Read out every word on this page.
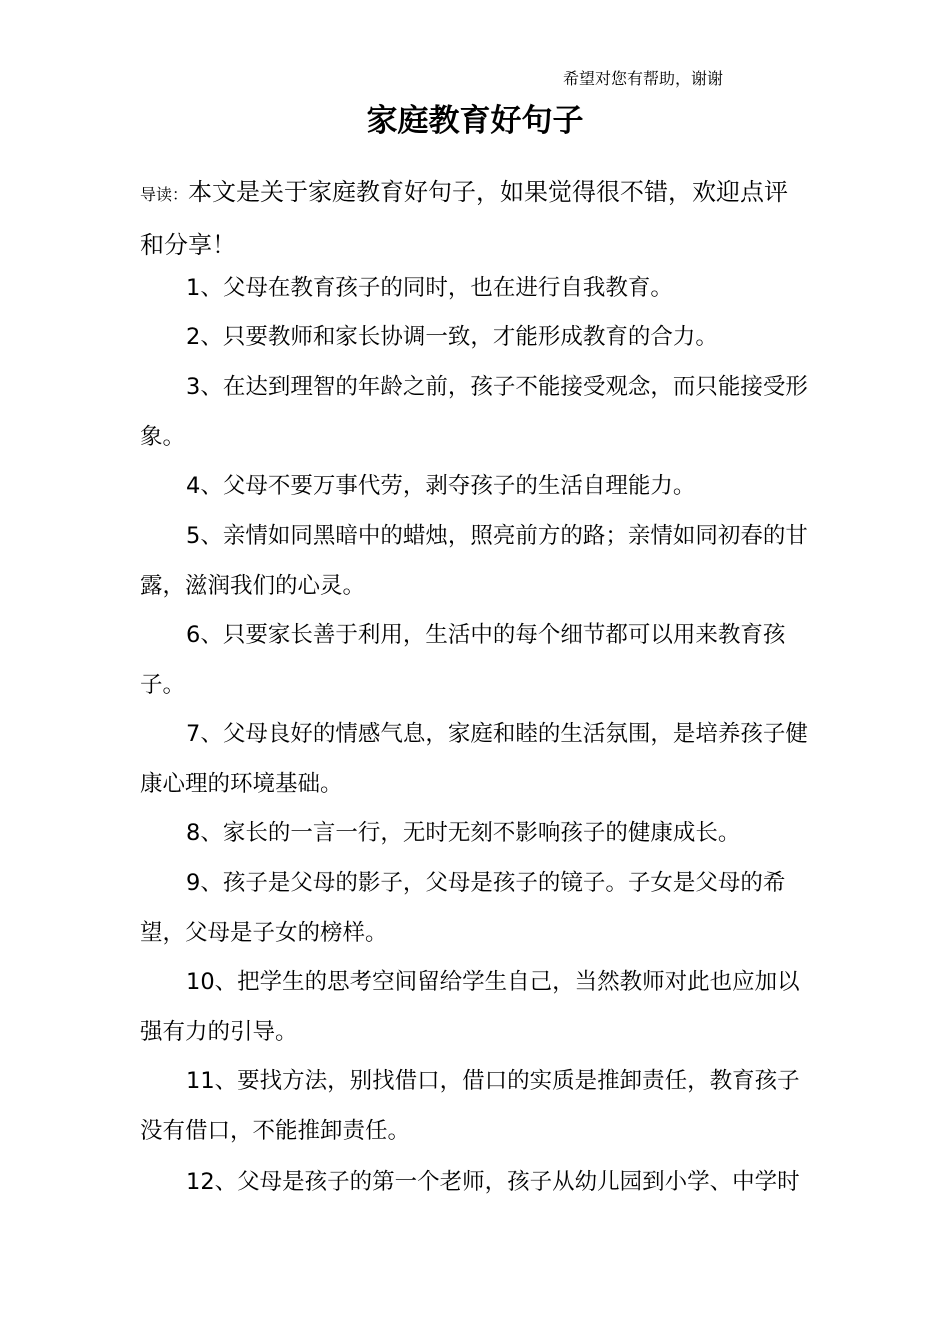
希望对您有帮助，谢谢
家庭教育好句子

导读：本文是关于家庭教育好句子，如果觉得很不错，欢迎点评和分享！

1、父母在教育孩子的同时，也在进行自我教育。

2、只要教师和家长协调一致，才能形成教育的合力。

3、在达到理智的年龄之前，孩子不能接受观念，而只能接受形象。

4、父母不要万事代劳，剥夺孩子的生活自理能力。

5、亲情如同黑暗中的蜡烛，照亮前方的路；亲情如同初春的甘露，滋润我们的心灵。

6、只要家长善于利用，生活中的每个细节都可以用来教育孩子。

7、父母良好的情感气息，家庭和睦的生活氛围，是培养孩子健康心理的环境基础。

8、家长的一言一行，无时无刻不影响孩子的健康成长。

9、孩子是父母的影子，父母是孩子的镜子。子女是父母的希望，父母是子女的榜样。

10、把学生的思考空间留给学生自己，当然教师对此也应加以强有力的引导。

11、要找方法，别找借口，借口的实质是推卸责任，教育孩子没有借口，不能推卸责任。

12、父母是孩子的第一个老师，孩子从幼儿园到小学、中学时
